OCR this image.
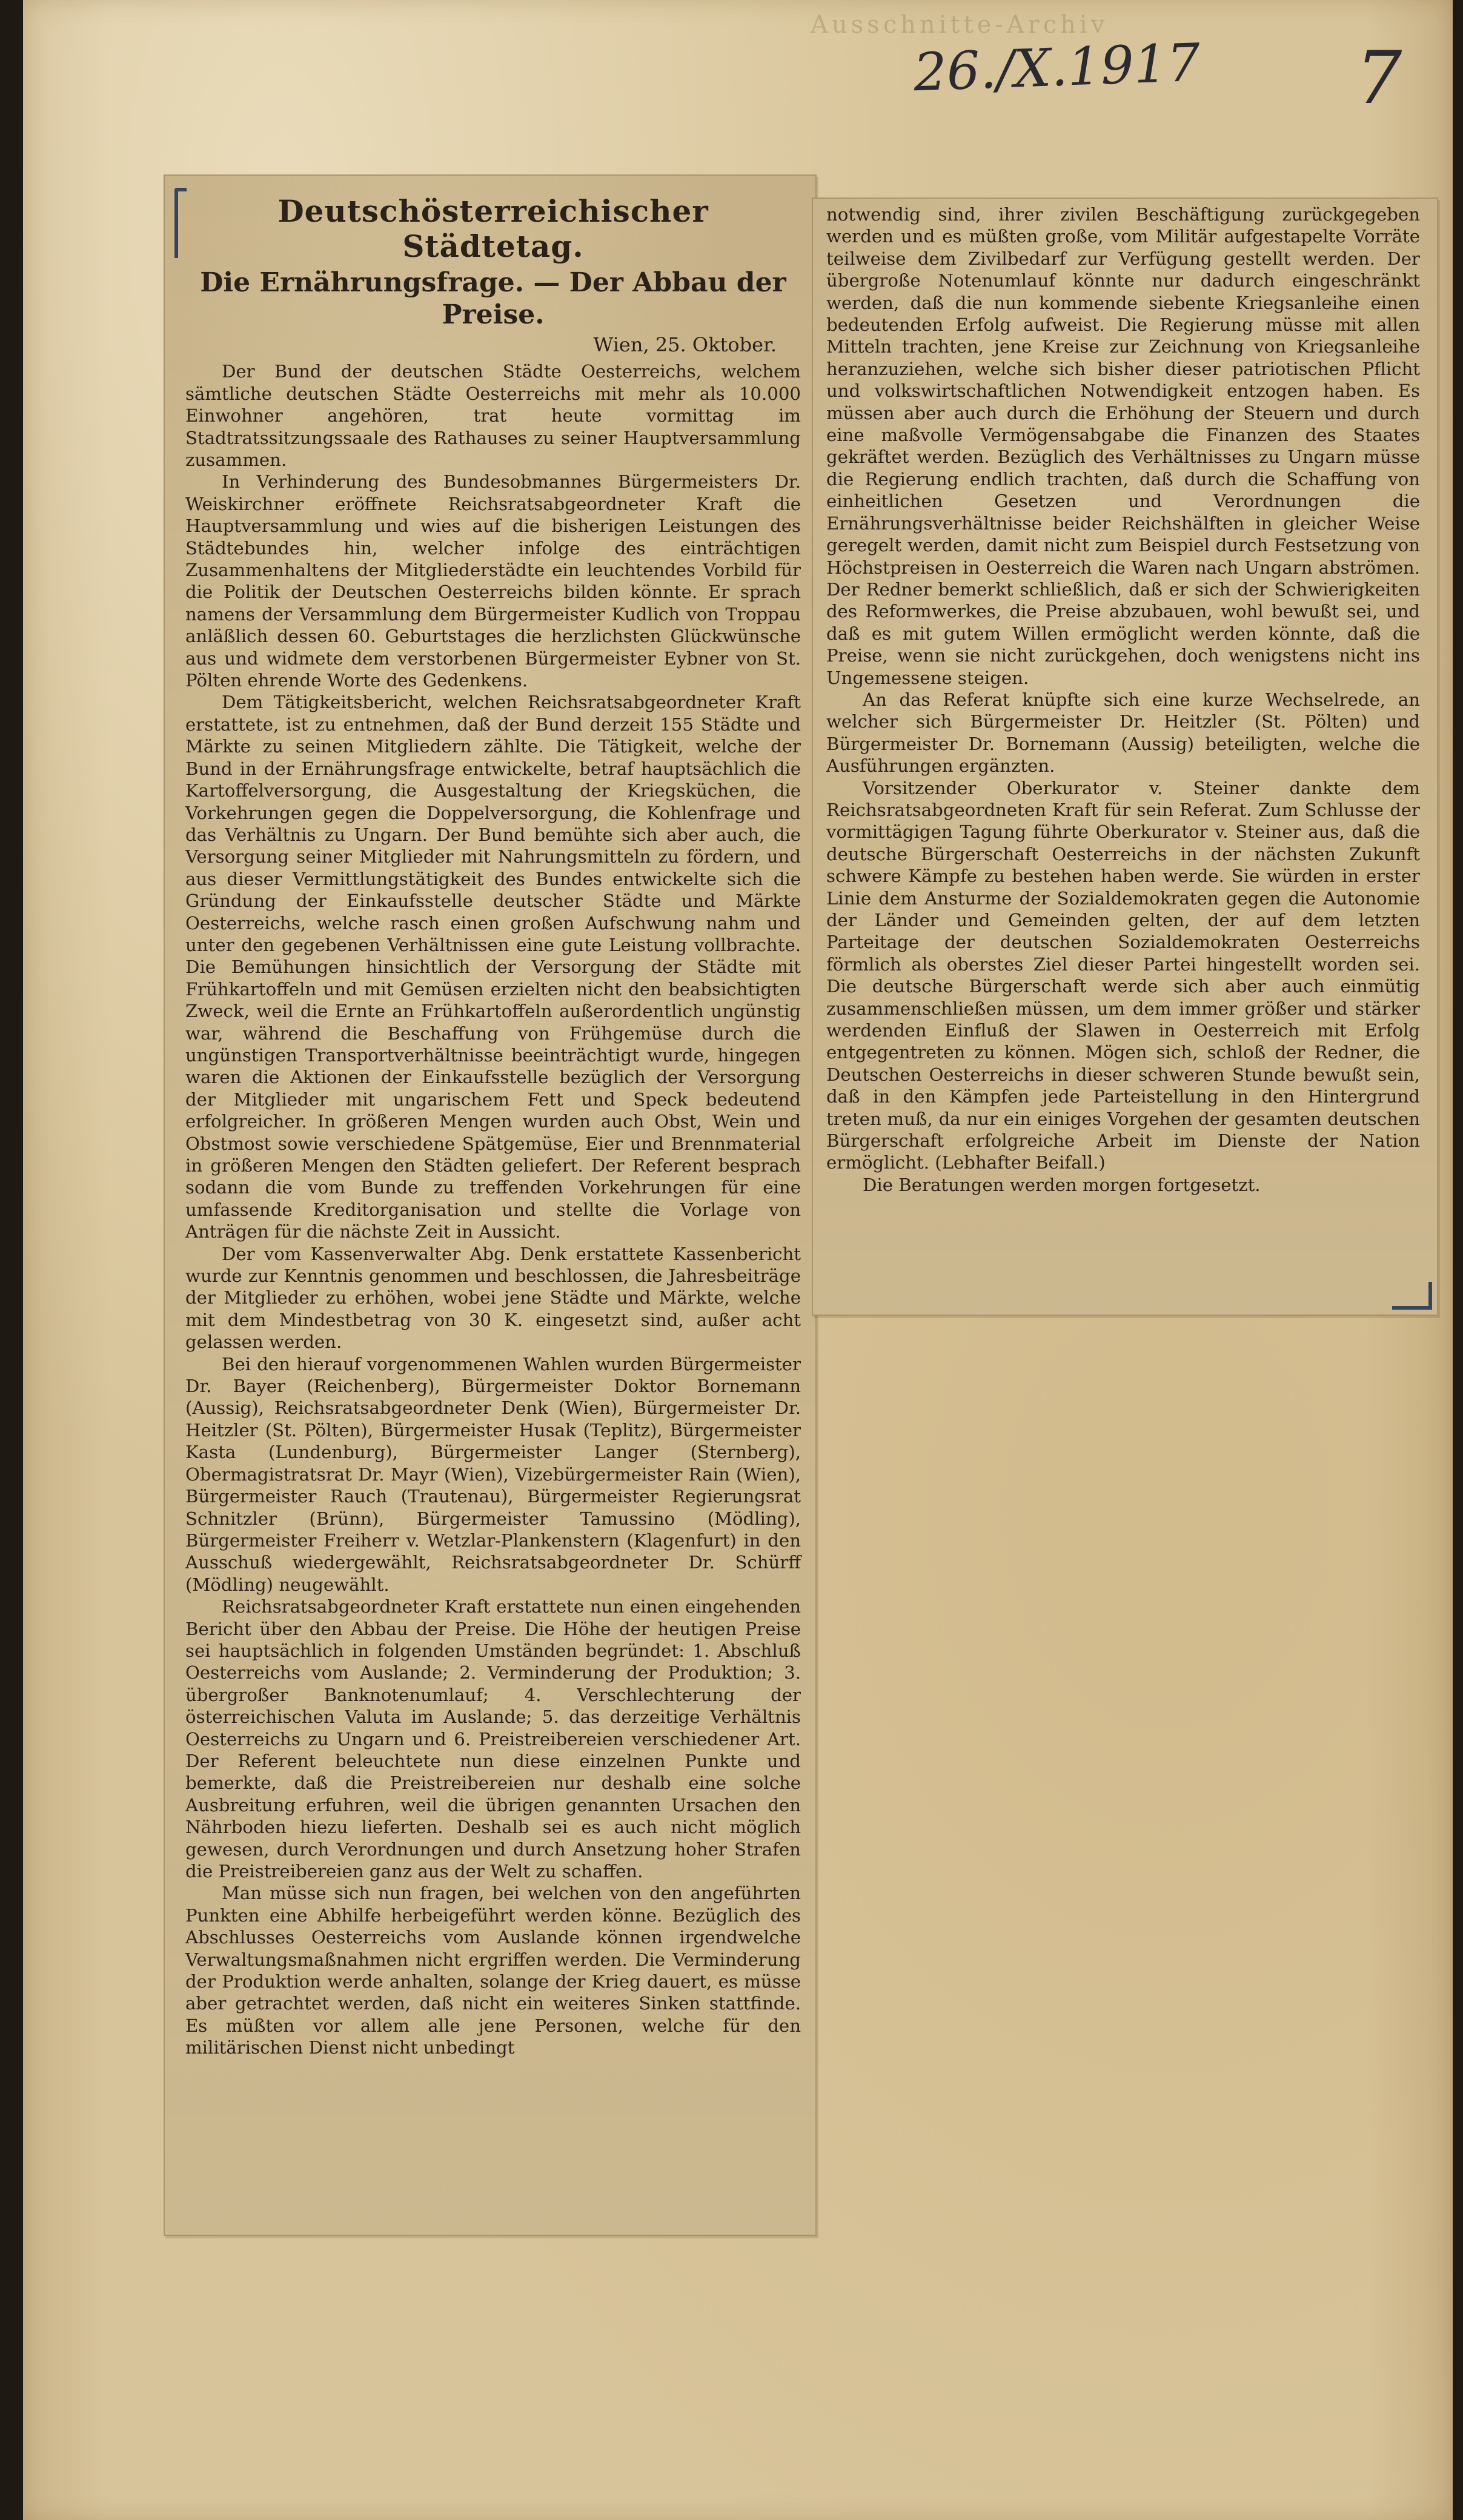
Ausschnitte-Archiv
26./X.1917 7
Deutschösterreichischer Städtetag.
Die Ernährungsfrage. — Der Abbau der Preise.
Wien, 25. Oktober.

Der Bund der deutschen Städte Oesterreichs, welchem sämtliche deutschen Städte Oesterreichs mit mehr als 10.000 Einwohner angehören, trat heute vormittag im Stadtratssitzungssaale des Rathauses zu seiner Hauptversammlung zusammen.

In Verhinderung des Bundesobmannes Bürgermeisters Dr. Weiskirchner eröffnete Reichsratsabgeordneter Kraft die Hauptversammlung und wies auf die bisherigen Leistungen des Städtebundes hin, welcher infolge des einträchtigen Zusammenhaltens der Mitgliederstädte ein leuchtendes Vorbild für die Politik der Deutschen Oesterreichs bilden könnte. Er sprach namens der Versammlung dem Bürgermeister Kudlich von Troppau anläßlich dessen 60. Geburtstages die herzlichsten Glückwünsche aus und widmete dem verstorbenen Bürgermeister Eybner von St. Pölten ehrende Worte des Gedenkens.

Dem Tätigkeitsbericht, welchen Reichsratsabgeordneter Kraft erstattete, ist zu entnehmen, daß der Bund derzeit 155 Städte und Märkte zu seinen Mitgliedern zählte. Die Tätigkeit, welche der Bund in der Ernährungsfrage entwickelte, betraf hauptsächlich die Kartoffelversorgung, die Ausgestaltung der Kriegsküchen, die Vorkehrungen gegen die Doppelversorgung, die Kohlenfrage und das Verhältnis zu Ungarn. Der Bund bemühte sich aber auch, die Versorgung seiner Mitglieder mit Nahrungsmitteln zu fördern, und aus dieser Vermittlungstätigkeit des Bundes entwickelte sich die Gründung der Einkaufsstelle deutscher Städte und Märkte Oesterreichs, welche rasch einen großen Aufschwung nahm und unter den gegebenen Verhältnissen eine gute Leistung vollbrachte. Die Bemühungen hinsichtlich der Versorgung der Städte mit Frühkartoffeln und mit Gemüsen erzielten nicht den beabsichtigten Zweck, weil die Ernte an Frühkartoffeln außerordentlich ungünstig war, während die Beschaffung von Frühgemüse durch die ungünstigen Transportverhältnisse beeinträchtigt wurde, hingegen waren die Aktionen der Einkaufsstelle bezüglich der Versorgung der Mitglieder mit ungarischem Fett und Speck bedeutend erfolgreicher. In größeren Mengen wurden auch Obst, Wein und Obstmost sowie verschiedene Spätgemüse, Eier und Brennmaterial in größeren Mengen den Städten geliefert. Der Referent besprach sodann die vom Bunde zu treffenden Vorkehrungen für eine umfassende Kreditorganisation und stellte die Vorlage von Anträgen für die nächste Zeit in Aussicht.

Der vom Kassenverwalter Abg. Denk erstattete Kassenbericht wurde zur Kenntnis genommen und beschlossen, die Jahresbeiträge der Mitglieder zu erhöhen, wobei jene Städte und Märkte, welche mit dem Mindestbetrag von 30 K. eingesetzt sind, außer acht gelassen werden.

Bei den hierauf vorgenommenen Wahlen wurden Bürgermeister Dr. Bayer (Reichenberg), Bürgermeister Doktor Bornemann (Aussig), Reichsratsabgeordneter Denk (Wien), Bürgermeister Dr. Heitzler (St. Pölten), Bürgermeister Husak (Teplitz), Bürgermeister Kasta (Lundenburg), Bürgermeister Langer (Sternberg), Obermagistratsrat Dr. Mayr (Wien), Vizebürgermeister Rain (Wien), Bürgermeister Rauch (Trautenau), Bürgermeister Regierungsrat Schnitzler (Brünn), Bürgermeister Tamussino (Mödling), Bürgermeister Freiherr v. Wetzlar-Plankenstern (Klagenfurt) in den Ausschuß wiedergewählt, Reichsratsabgeordneter Dr. Schürff (Mödling) neugewählt.

Reichsratsabgeordneter Kraft erstattete nun einen eingehenden Bericht über den Abbau der Preise. Die Höhe der heutigen Preise sei hauptsächlich in folgenden Umständen begründet: 1. Abschluß Oesterreichs vom Auslande; 2. Verminderung der Produktion; 3. übergroßer Banknotenumlauf; 4. Verschlechterung der österreichischen Valuta im Auslande; 5. das derzeitige Verhältnis Oesterreichs zu Ungarn und 6. Preistreibereien verschiedener Art. Der Referent beleuchtete nun diese einzelnen Punkte und bemerkte, daß die Preistreibereien nur deshalb eine solche Ausbreitung erfuhren, weil die übrigen genannten Ursachen den Nährboden hiezu lieferten. Deshalb sei es auch nicht möglich gewesen, durch Verordnungen und durch Ansetzung hoher Strafen die Preistreibereien ganz aus der Welt zu schaffen.

Man müsse sich nun fragen, bei welchen von den angeführten Punkten eine Abhilfe herbeigeführt werden könne. Bezüglich des Abschlusses Oesterreichs vom Auslande können irgendwelche Verwaltungsmaßnahmen nicht ergriffen werden. Die Verminderung der Produktion werde anhalten, solange der Krieg dauert, es müsse aber getrachtet werden, daß nicht ein weiteres Sinken stattfinde. Es müßten vor allem alle jene Personen, welche für den militärischen Dienst nicht unbedingt

notwendig sind, ihrer zivilen Beschäftigung zurückgegeben werden und es müßten große, vom Militär aufgestapelte Vorräte teilweise dem Zivilbedarf zur Verfügung gestellt werden. Der übergroße Notenumlauf könnte nur dadurch eingeschränkt werden, daß die nun kommende siebente Kriegsanleihe einen bedeutenden Erfolg aufweist. Die Regierung müsse mit allen Mitteln trachten, jene Kreise zur Zeichnung von Kriegsanleihe heranzuziehen, welche sich bisher dieser patriotischen Pflicht und volkswirtschaftlichen Notwendigkeit entzogen haben. Es müssen aber auch durch die Erhöhung der Steuern und durch eine maßvolle Vermögensabgabe die Finanzen des Staates gekräftet werden. Bezüglich des Verhältnisses zu Ungarn müsse die Regierung endlich trachten, daß durch die Schaffung von einheitlichen Gesetzen und Verordnungen die Ernährungsverhältnisse beider Reichshälften in gleicher Weise geregelt werden, damit nicht zum Beispiel durch Festsetzung von Höchstpreisen in Oesterreich die Waren nach Ungarn abströmen. Der Redner bemerkt schließlich, daß er sich der Schwierigkeiten des Reformwerkes, die Preise abzubauen, wohl bewußt sei, und daß es mit gutem Willen ermöglicht werden könnte, daß die Preise, wenn sie nicht zurückgehen, doch wenigstens nicht ins Ungemessene steigen.

An das Referat knüpfte sich eine kurze Wechselrede, an welcher sich Bürgermeister Dr. Heitzler (St. Pölten) und Bürgermeister Dr. Bornemann (Aussig) beteiligten, welche die Ausführungen ergänzten.

Vorsitzender Oberkurator v. Steiner dankte dem Reichsratsabgeordneten Kraft für sein Referat. Zum Schlusse der vormittägigen Tagung führte Oberkurator v. Steiner aus, daß die deutsche Bürgerschaft Oesterreichs in der nächsten Zukunft schwere Kämpfe zu bestehen haben werde. Sie würden in erster Linie dem Ansturme der Sozialdemokraten gegen die Autonomie der Länder und Gemeinden gelten, der auf dem letzten Parteitage der deutschen Sozialdemokraten Oesterreichs förmlich als oberstes Ziel dieser Partei hingestellt worden sei. Die deutsche Bürgerschaft werde sich aber auch einmütig zusammenschließen müssen, um dem immer größer und stärker werdenden Einfluß der Slawen in Oesterreich mit Erfolg entgegentreten zu können. Mögen sich, schloß der Redner, die Deutschen Oesterreichs in dieser schweren Stunde bewußt sein, daß in den Kämpfen jede Parteistellung in den Hintergrund treten muß, da nur ein einiges Vorgehen der gesamten deutschen Bürgerschaft erfolgreiche Arbeit im Dienste der Nation ermöglicht. (Lebhafter Beifall.)

Die Beratungen werden morgen fortgesetzt.
